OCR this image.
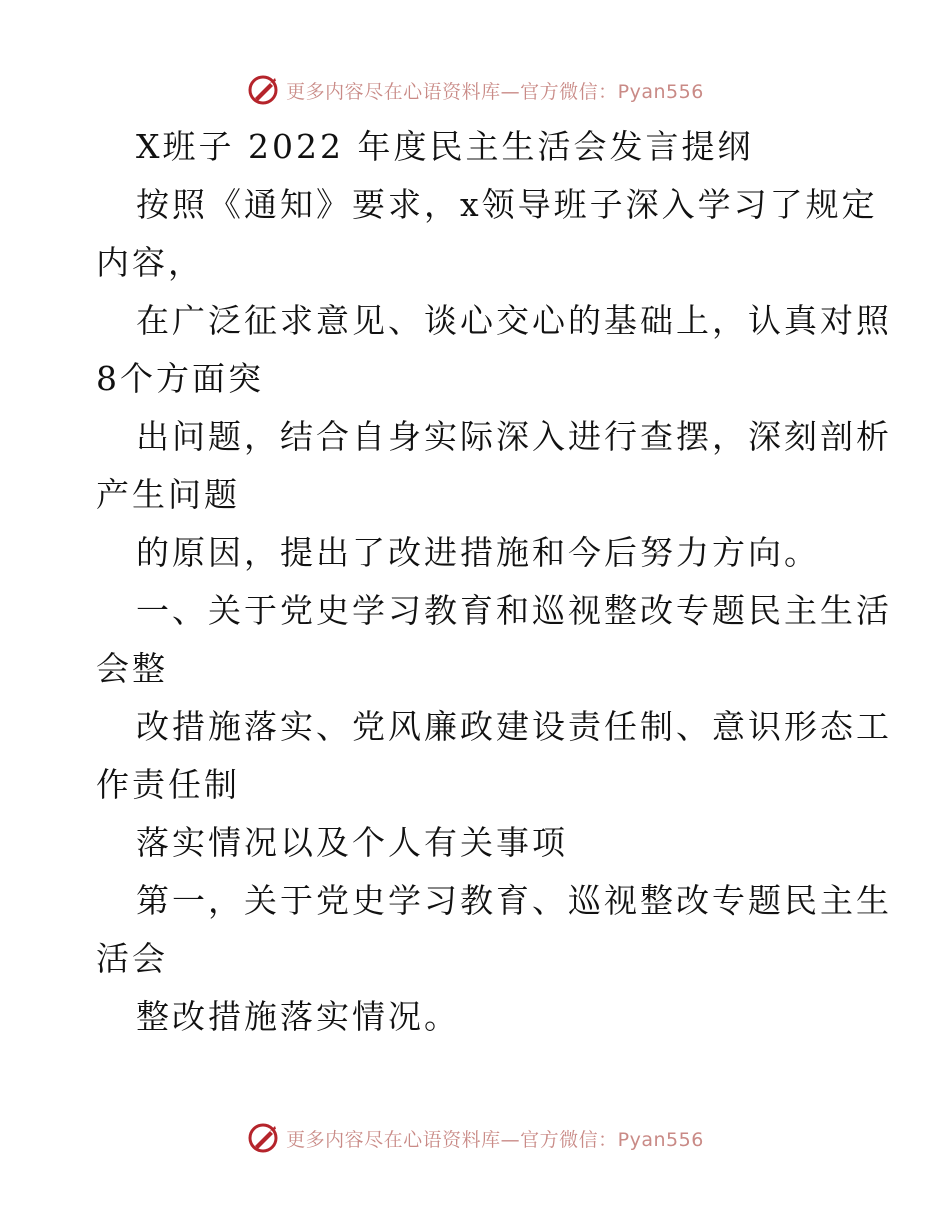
更多内容尽在心语资料库—官方微信：Pyan556

X班子 2022 年度民主生活会发言提纲

按照《通知》要求，x领导班子深入学习了规定

内容，

在广泛征求意见、谈心交心的基础上，认真对照

8个方面突

出问题，结合自身实际深入进行查摆，深刻剖析

产生问题

的原因，提出了改进措施和今后努力方向。

一、关于党史学习教育和巡视整改专题民主生活

会整

改措施落实、党风廉政建设责任制、意识形态工

作责任制

落实情况以及个人有关事项

第一，关于党史学习教育、巡视整改专题民主生

活会

整改措施落实情况。

更多内容尽在心语资料库—官方微信：Pyan556
